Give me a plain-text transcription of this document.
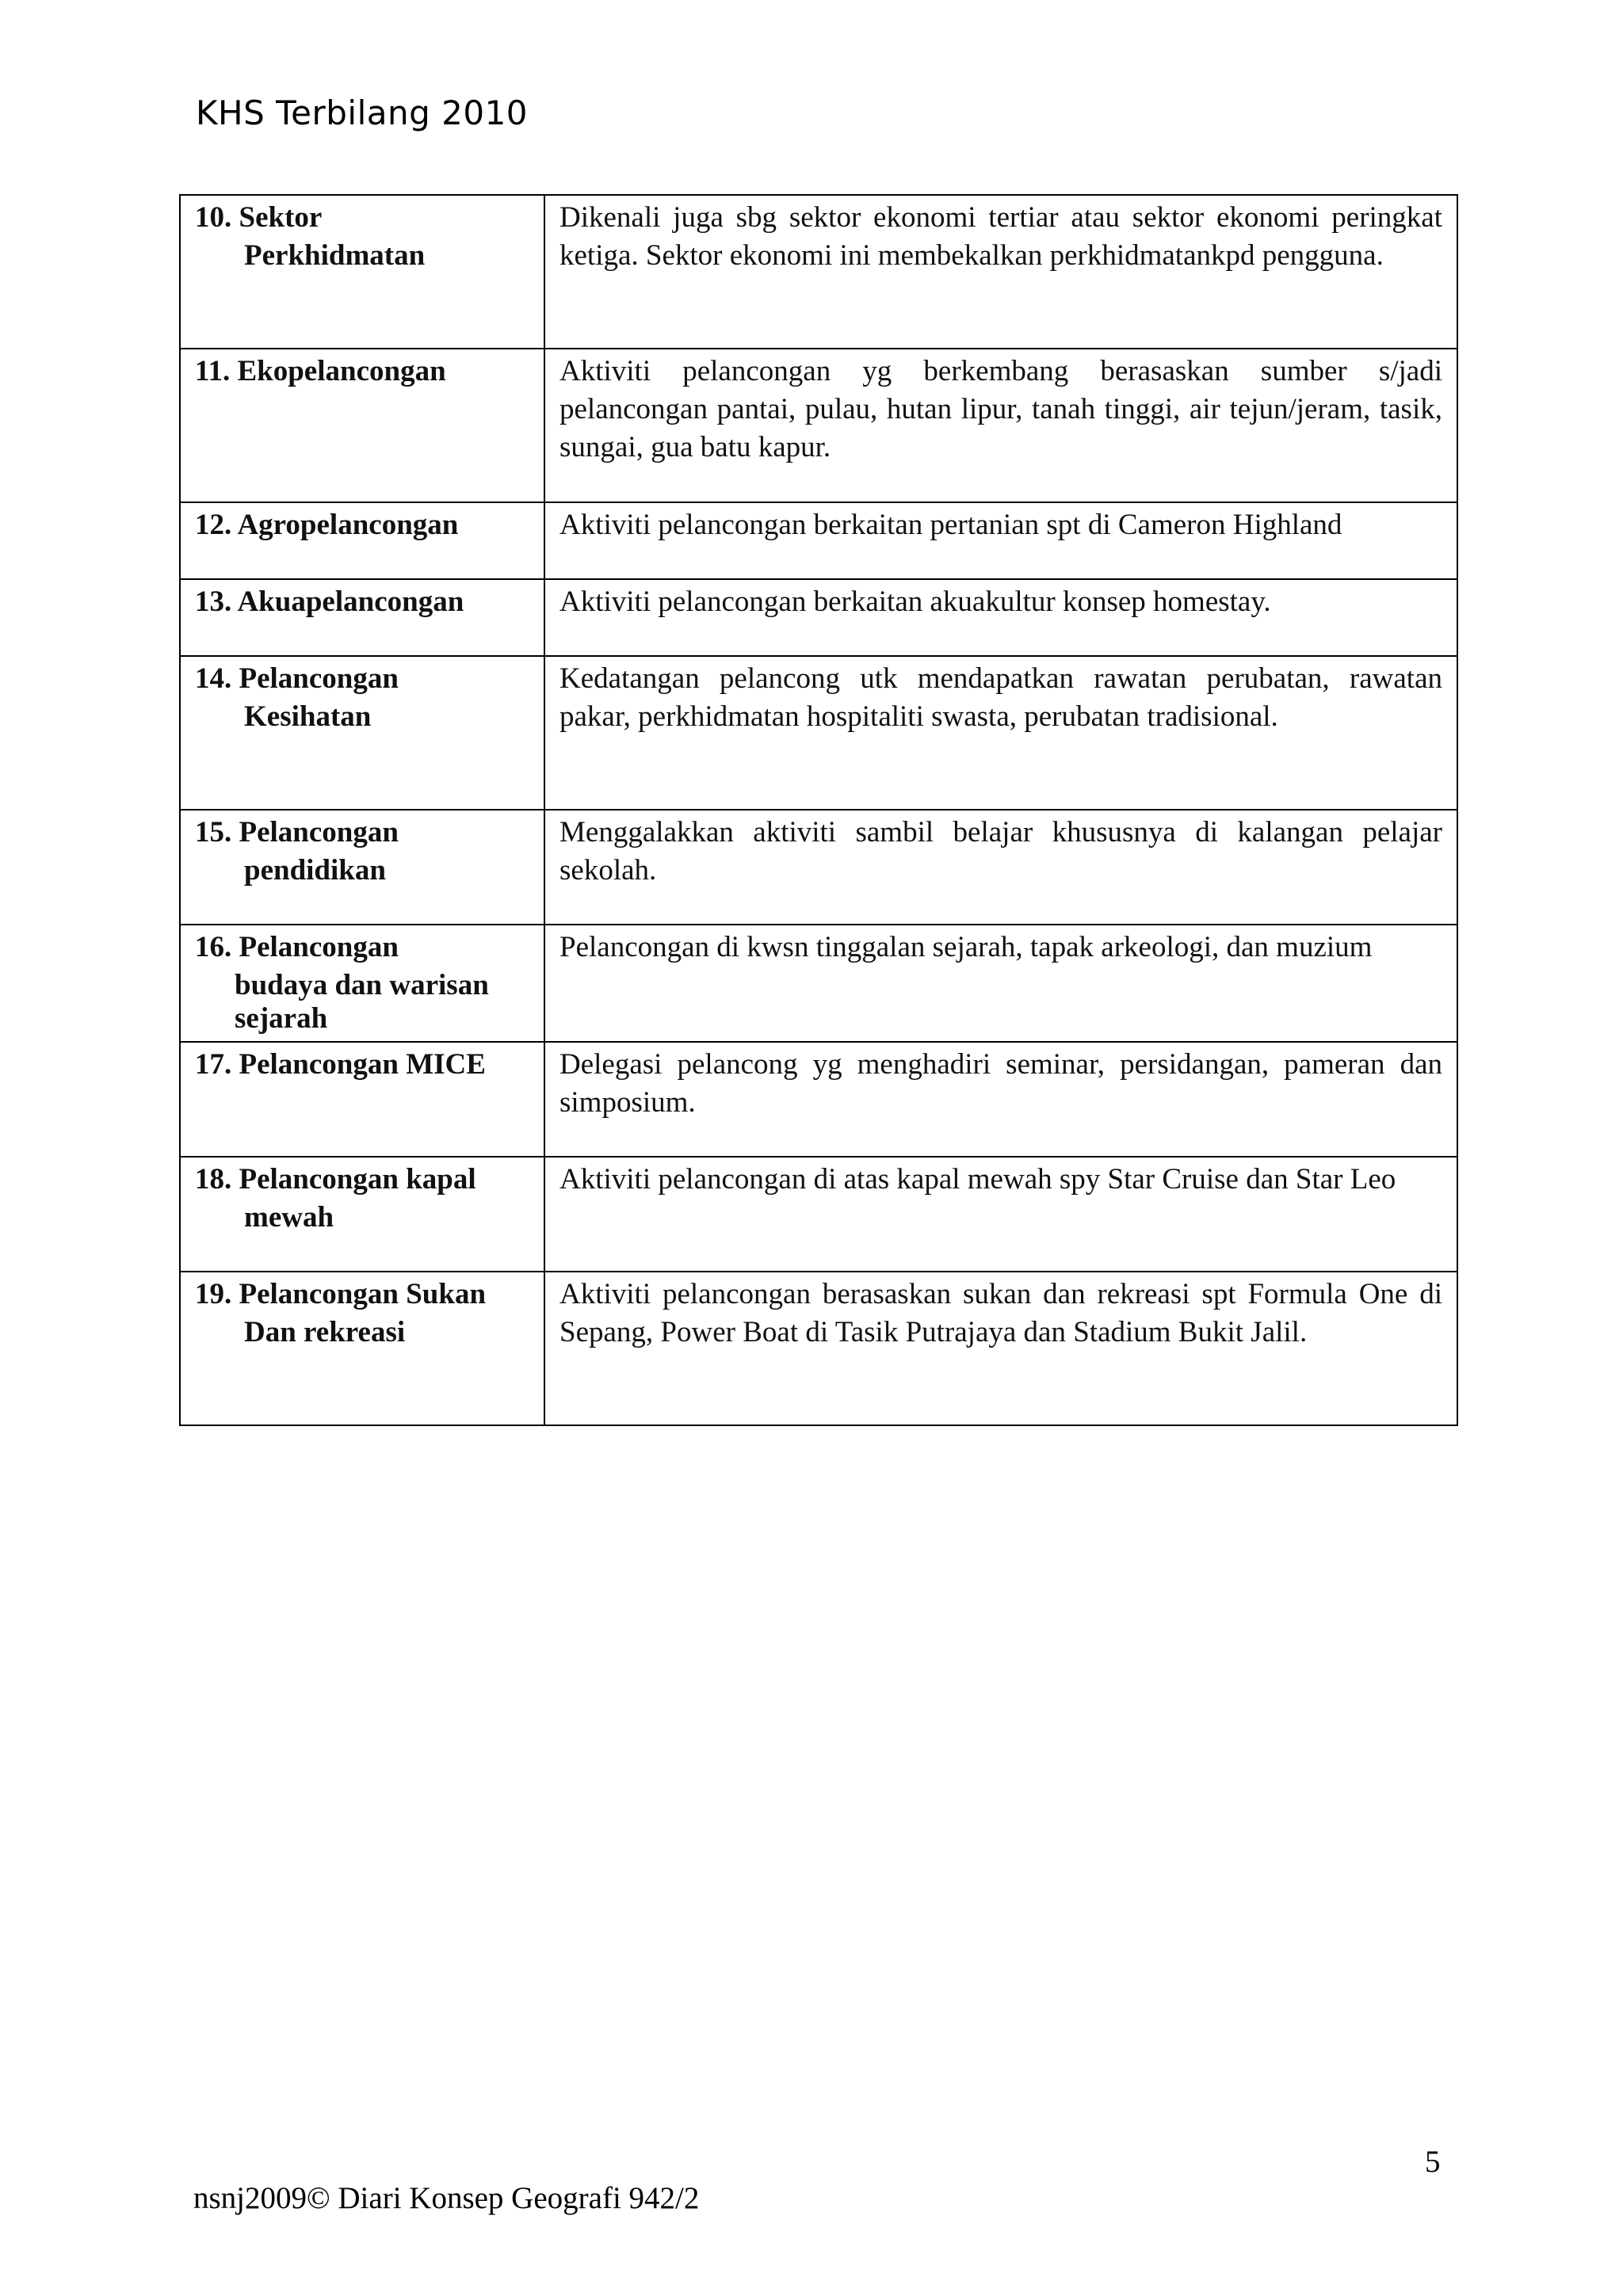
KHS Terbilang 2010
10. Sektor
Perkhidmatan	Dikenali juga sbg sektor ekonomi tertiar atau sektor ekonomi peringkat ketiga. Sektor ekonomi ini membekalkan perkhidmatankpd pengguna.
11. Ekopelancongan	Aktiviti pelancongan yg berkembang berasaskan sumber s/jadi pelancongan pantai, pulau, hutan lipur, tanah tinggi, air tejun/jeram, tasik, sungai, gua batu kapur.
12. Agropelancongan	Aktiviti pelancongan berkaitan pertanian spt di Cameron Highland
13. Akuapelancongan	Aktiviti pelancongan berkaitan akuakultur konsep homestay.
14. Pelancongan
Kesihatan	Kedatangan pelancong utk mendapatkan rawatan perubatan, rawatan pakar, perkhidmatan hospitaliti swasta, perubatan tradisional.
15. Pelancongan
pendidikan	Menggalakkan aktiviti sambil belajar khususnya di kalangan pelajar sekolah.
16. Pelancongan
budaya dan warisan
sejarah	Pelancongan di kwsn tinggalan sejarah, tapak arkeologi, dan muzium
17. Pelancongan MICE	Delegasi pelancong yg menghadiri seminar, persidangan, pameran dan simposium.
18. Pelancongan kapal
mewah	Aktiviti pelancongan di atas kapal mewah spy Star Cruise dan Star Leo
19. Pelancongan Sukan
Dan rekreasi	Aktiviti pelancongan berasaskan sukan dan rekreasi spt Formula One di Sepang, Power Boat di Tasik Putrajaya dan Stadium Bukit Jalil.
5
nsnj2009© Diari Konsep Geografi 942/2
